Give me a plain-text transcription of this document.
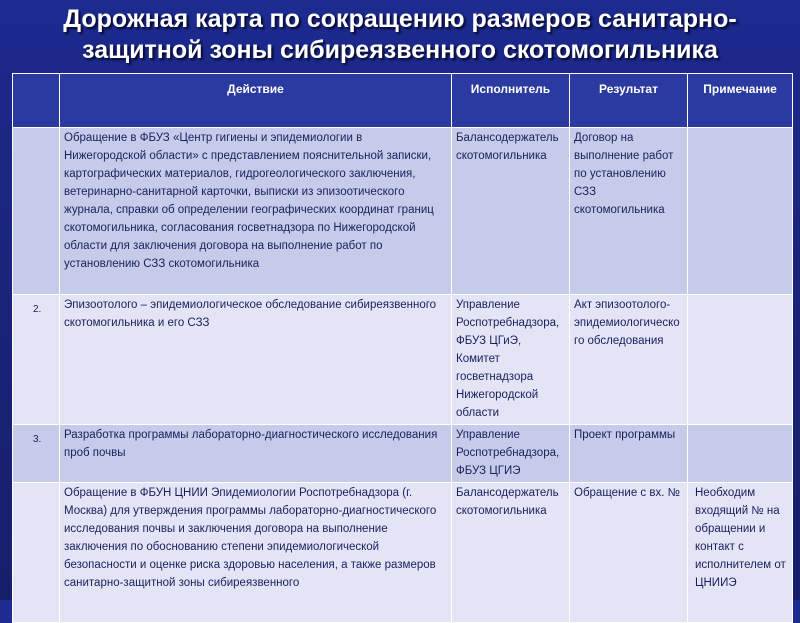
Дорожная карта по сокращению размеров санитарно-
защитной зоны сибиреязвенного скотомогильника
	Действие	Исполнитель	Результат	Примечание
	Обращение в ФБУЗ «Центр гигиены и эпидемиологии в Нижегородской области» с представлением пояснительной записки, картографических материалов, гидрогеологического заключения, ветеринарно-санитарной карточки, выписки из эпизоотического журнала, справки об определении географических координат границ скотомогильника, согласования госветнадзора по Нижегородской области для заключения договора на выполнение работ по установлению СЗЗ скотомогильника	Балансодержатель скотомогильника	Договор на выполнение работ по установлению СЗЗ скотомогильника	
2.	Эпизоотолого – эпидемиологическое обследование сибиреязвенного скотомогильника и его СЗЗ	Управление Роспотребнадзора, ФБУЗ ЦГиЭ, Комитет госветнадзора Нижегородской области	Акт эпизоотолого-эпидемиологического обследования	
3.	Разработка программы лабораторно-диагностического исследования проб почвы	Управление Роспотребнадзора, ФБУЗ ЦГИЭ	Проект программы	
	Обращение в ФБУН ЦНИИ Эпидемиологии Роспотребнадзора (г. Москва) для утверждения программы лабораторно-диагностического исследования почвы и заключения договора на выполнение заключения по обоснованию степени эпидемиологической безопасности и оценке риска здоровью населения, а также размеров санитарно-защитной зоны сибиреязвенного	Балансодержатель скотомогильника	Обращение с вх. №	Необходим входящий № на обращении и контакт с исполнителем от ЦНИИЭ
